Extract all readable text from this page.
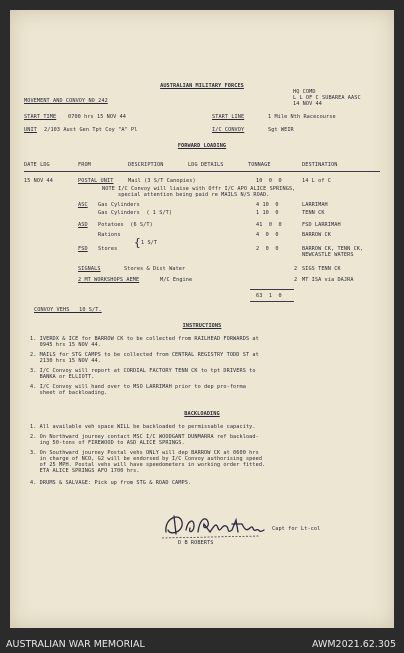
AUSTRALIAN MILITARY FORCES
HQ COMD
L L OF C SUBAREA AASC
14 NOV 44
MOVEMENT AND CONVOY NO 242
START TIME 0700 hrs 15 NOV 44	START LINE	1 Mile Nth Racecourse
UNIT 2/103 Aust Gen Tpt Coy "A" Pl	I/C CONVOY	Sgt WEIR
FORWARD LOADING
DATE LDG	FROM	DESCRIPTION	LDG DETAILS	TONNAGE	DESTINATION
15 NOV 44	POSTAL UNIT	Mail (3 S/T Canopies)	10  0  0	14 L of C
NOTE I/C Convoy will liaise with Offr I/C APO ALICE SPRINGS,
special attention being paid re MAILS N/S ROAD.
ASC Gas Cylinders	4 10  0	LARRIMAH
Gas Cylinders  ( 1 S/T)	1 10  0	TENN CK
ASD Potatoes  (6 S/T)	41  0  0	FSD LARRIMAH
Rations	4  0  0	BARROW CK
{ 1 S/T
FSD Stores	2  0  0	BARROW CK, TENN CK,
NEWCASTLE WATERS
SIGNALS	Stores & Dist Water	2 SIGS TENN CK
2 MT WORKSHOPS AEME	M/C Engine	2 MT ISA via DAJRA
63  1  0
CONVOY VEHS   10 S/T.
INSTRUCTIONS
1. IVERDX & ICE for BARROW CK to be collected from RAILHEAD FORWARDS at
0945 hrs 15 NOV 44.
2. MAILS for STG CAMPS to be collected from CENTRAL REGISTRY TODD ST at
2130 hrs 15 NOV 44.
3. I/C Convoy will report at CORDIAL FACTORY TENN CK to tpt DRIVERS to
BANKA or ELLIOTT.
4. I/C Convoy will hand over to MSO LARRIMAH prior to dep pro-forma
sheet of backloading.
BACKLOADING
1. All available veh space WILL be backloaded to permissable capacity.
2. On Northward journey contact MSC I/C WOODGANT DUNMARRA ref backload-
ing 50-tons of FIREWOOD to ASD ALICE SPRINGS.
3. On Southward journey Postal vehs ONLY will dep BARROW CK at 0600 hrs
in charge of NCO, G2 will be endorsed by I/C Convoy authorising speed
of 25 MPH. Postal vehs will have speedometers in working order fitted.
ETA ALICE SPRINGS AFO 1700 hrs.
4. DRUMS & SALVAGE: Pick up from STG & ROAD CAMPS.
Capt for Lt-col
D B ROBERTS
AUSTRALIAN WAR MEMORIAL	AWM2021.62.305
